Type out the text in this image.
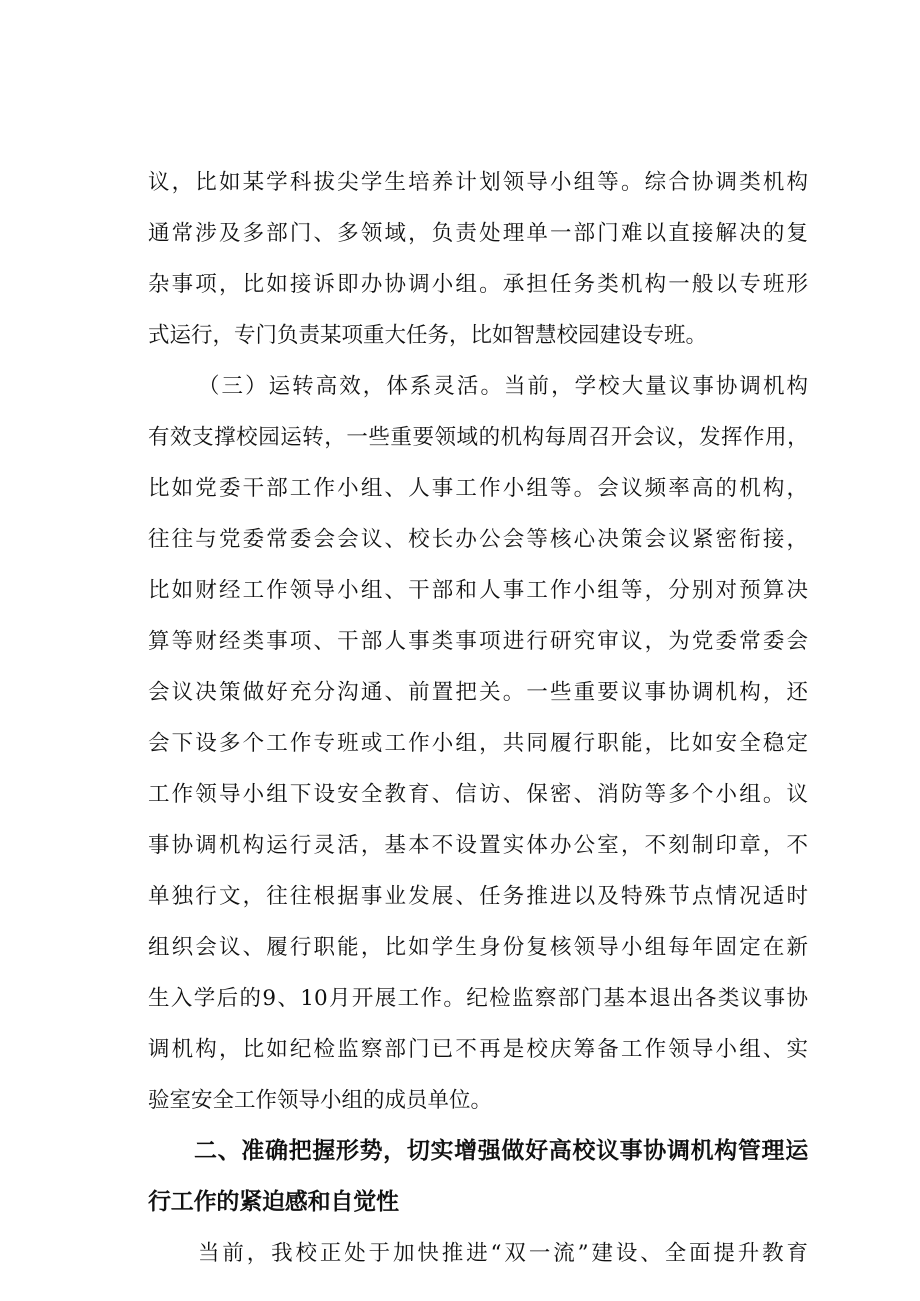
议，比如某学科拔尖学生培养计划领导小组等。综合协调类机构
通常涉及多部门、多领域，负责处理单一部门难以直接解决的复
杂事项，比如接诉即办协调小组。承担任务类机构一般以专班形
式运行，专门负责某项重大任务，比如智慧校园建设专班。
（三）运转高效，体系灵活。当前，学校大量议事协调机构
有效支撑校园运转，一些重要领域的机构每周召开会议，发挥作用，
比如党委干部工作小组、人事工作小组等。会议频率高的机构，
往往与党委常委会会议、校长办公会等核心决策会议紧密衔接，
比如财经工作领导小组、干部和人事工作小组等，分别对预算决
算等财经类事项、干部人事类事项进行研究审议，为党委常委会
会议决策做好充分沟通、前置把关。一些重要议事协调机构，还
会下设多个工作专班或工作小组，共同履行职能，比如安全稳定
工作领导小组下设安全教育、信访、保密、消防等多个小组。议
事协调机构运行灵活，基本不设置实体办公室，不刻制印章，不
单独行文，往往根据事业发展、任务推进以及特殊节点情况适时
组织会议、履行职能，比如学生身份复核领导小组每年固定在新
生入学后的9、10月开展工作。纪检监察部门基本退出各类议事协
调机构，比如纪检监察部门已不再是校庆筹备工作领导小组、实
验室安全工作领导小组的成员单位。
二、准确把握形势，切实增强做好高校议事协调机构管理运
行工作的紧迫感和自觉性
当前，我校正处于加快推进“双一流”建设、全面提升教育
